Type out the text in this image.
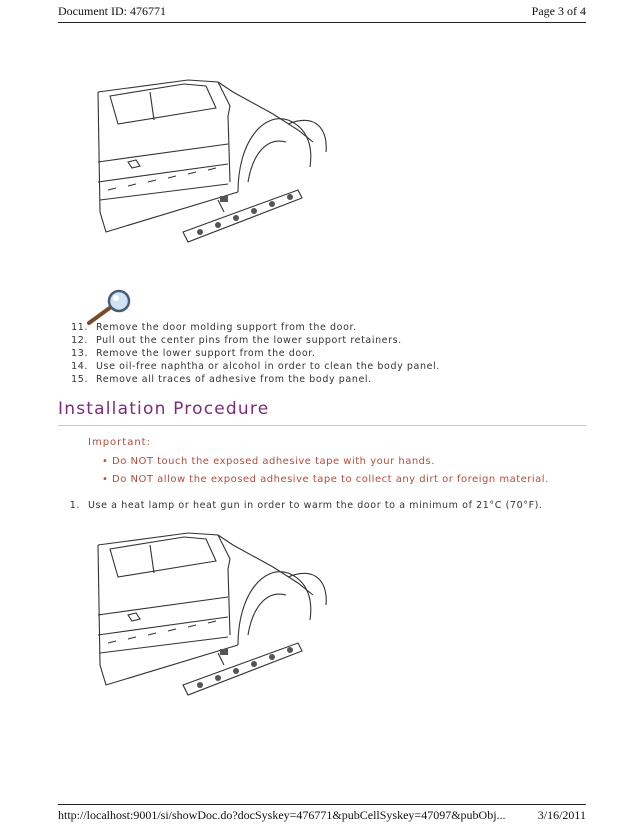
Document ID: 476771	Page 3 of 4
11. Remove the door molding support from the door.
12. Pull out the center pins from the lower support retainers.
13. Remove the lower support from the door.
14. Use oil-free naphtha or alcohol in order to clean the body panel.
15. Remove all traces of adhesive from the body panel.
Installation Procedure
Important:
• Do NOT touch the exposed adhesive tape with your hands.
• Do NOT allow the exposed adhesive tape to collect any dirt or foreign material.
1. Use a heat lamp or heat gun in order to warm the door to a minimum of 21°C (70°F).
http://localhost:9001/si/showDoc.do?docSyskey=476771&pubCellSyskey=47097&pubObj...	3/16/2011
